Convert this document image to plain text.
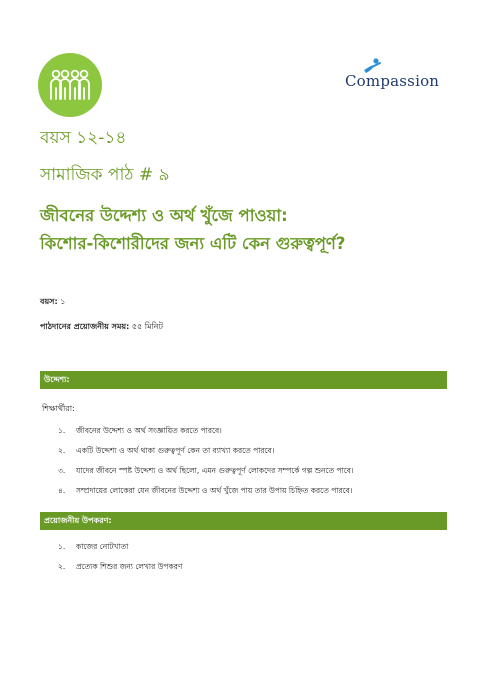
Compassion

বয়স ১২-১৪

সামাজিক পাঠ # ৯

জীবনের উদ্দেশ্য ও অর্থ খুঁজে পাওয়া:
কিশোর-কিশোরীদের জন্য এটি কেন গুরুত্বপূর্ণ?
বয়স: ১
পাঠদানের প্রয়োজনীয় সময়: ৫৫ মিনিট
উদ্দেশ্য:
শিক্ষার্থীরা:
১.	জীবনের উদ্দেশ্য ও অর্থ সংজ্ঞায়িত করতে পারবে।
২.	একটি উদ্দেশ্য ও অর্থ থাকা গুরুত্বপূর্ণ কেন তা ব্যাখ্যা করতে পারবে।
৩.	যাদের জীবনে স্পষ্ট উদ্দেশ্য ও অর্থ ছিলো, এমন গুরুত্বপূর্ণ লোকদের সম্পর্কে গল্প শুনতে পাবে।
৪.	সম্প্রদায়ের লোকেরা যেন জীবনের উদ্দেশ্য ও অর্থ খুঁজে পায় তার উপায় চিহ্নিত করতে পারবে।
প্রয়োজনীয় উপকরণ:
১.	কাজের নোটখাতা
২.	প্রত্যেক শিশুর জন্য লেখার উপকরণ
